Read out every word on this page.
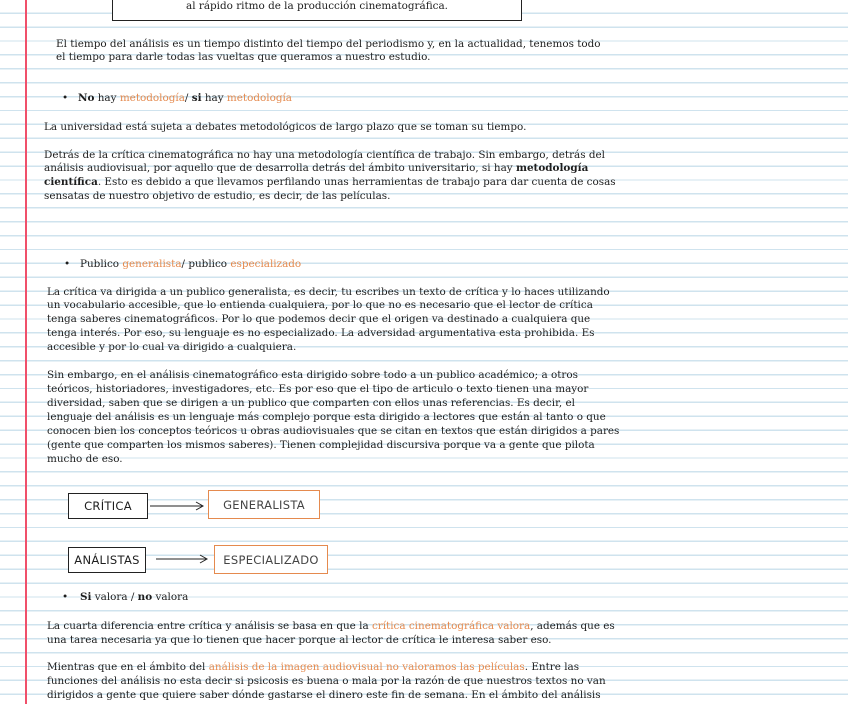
al rápido ritmo de la producción cinematográfica.
El tiempo del análisis es un tiempo distinto del tiempo del periodismo y, en la actualidad, tenemos todo
el tiempo para darle todas las vueltas que queramos a nuestro estudio.
• No hay metodología/ si hay metodología
La universidad está sujeta a debates metodológicos de largo plazo que se toman su tiempo.
Detrás de la crítica cinematográfica no hay una metodología científica de trabajo. Sin embargo, detrás del
análisis audiovisual, por aquello que de desarrolla detrás del ámbito universitario, si hay metodología
científica. Esto es debido a que llevamos perfilando unas herramientas de trabajo para dar cuenta de cosas
sensatas de nuestro objetivo de estudio, es decir, de las películas.
• Publico generalista/ publico especializado
La crítica va dirigida a un publico generalista, es decir, tu escribes un texto de crítica y lo haces utilizando
un vocabulario accesible, que lo entienda cualquiera, por lo que no es necesario que el lector de crítica
tenga saberes cinematográficos. Por lo que podemos decir que el origen va destinado a cualquiera que
tenga interés. Por eso, su lenguaje es no especializado. La adversidad argumentativa esta prohibida. Es
accesible y por lo cual va dirigido a cualquiera.
Sin embargo, en el análisis cinematográfico esta dirigido sobre todo a un publico académico; a otros
teóricos, historiadores, investigadores, etc. Es por eso que el tipo de articulo o texto tienen una mayor
diversidad, saben que se dirigen a un publico que comparten con ellos unas referencias. Es decir, el
lenguaje del análisis es un lenguaje más complejo porque esta dirigido a lectores que están al tanto o que
conocen bien los conceptos teóricos u obras audiovisuales que se citan en textos que están dirigidos a pares
(gente que comparten los mismos saberes). Tienen complejidad discursiva porque va a gente que pilota
mucho de eso.
CRÍTICA	GENERALISTA
ANÁLISTAS	ESPECIALIZADO
• Si valora / no valora
La cuarta diferencia entre crítica y análisis se basa en que la crítica cinematográfica valora, además que es
una tarea necesaria ya que lo tienen que hacer porque al lector de crítica le interesa saber eso.
Mientras que en el ámbito del análisis de la imagen audiovisual no valoramos las películas. Entre las
funciones del análisis no esta decir si psicosis es buena o mala por la razón de que nuestros textos no van
dirigidos a gente que quiere saber dónde gastarse el dinero este fin de semana. En el ámbito del análisis
